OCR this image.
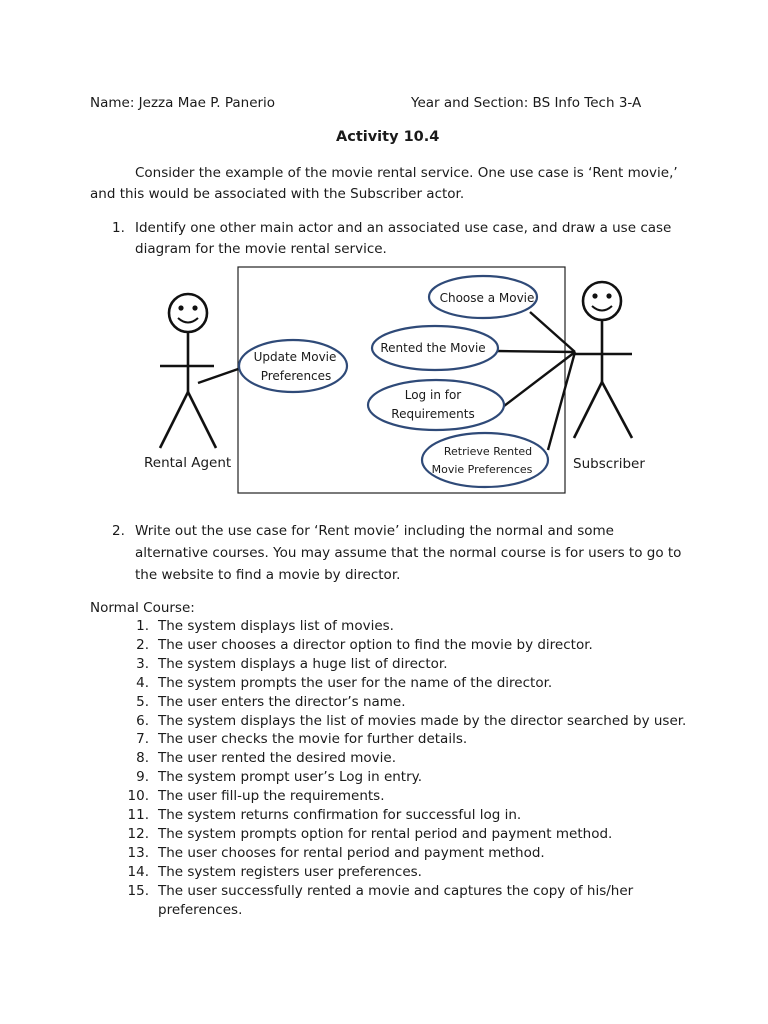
Name: Jezza Mae P. Panerio	Year and Section: BS Info Tech 3-A
Activity 10.4
Consider the example of the movie rental service. One use case is ‘Rent movie,’
and this would be associated with the Subscriber actor.
1. Identify one other main actor and an associated use case, and draw a use case
diagram for the movie rental service.
Rental Agent	Subscriber
Update Movie
Preferences
Choose a Movie
Rented the Movie
Log in for
Requirements
Retrieve Rented
Movie Preferences
2. Write out the use case for ‘Rent movie’ including the normal and some
alternative courses. You may assume that the normal course is for users to go to
the website to find a movie by director.
Normal Course:
1. The system displays list of movies.
2. The user chooses a director option to find the movie by director.
3. The system displays a huge list of director.
4. The system prompts the user for the name of the director.
5. The user enters the director’s name.
6. The system displays the list of movies made by the director searched by user.
7. The user checks the movie for further details.
8. The user rented the desired movie.
9. The system prompt user’s Log in entry.
10. The user fill-up the requirements.
11. The system returns confirmation for successful log in.
12. The system prompts option for rental period and payment method.
13. The user chooses for rental period and payment method.
14. The system registers user preferences.
15. The user successfully rented a movie and captures the copy of his/her
preferences.
